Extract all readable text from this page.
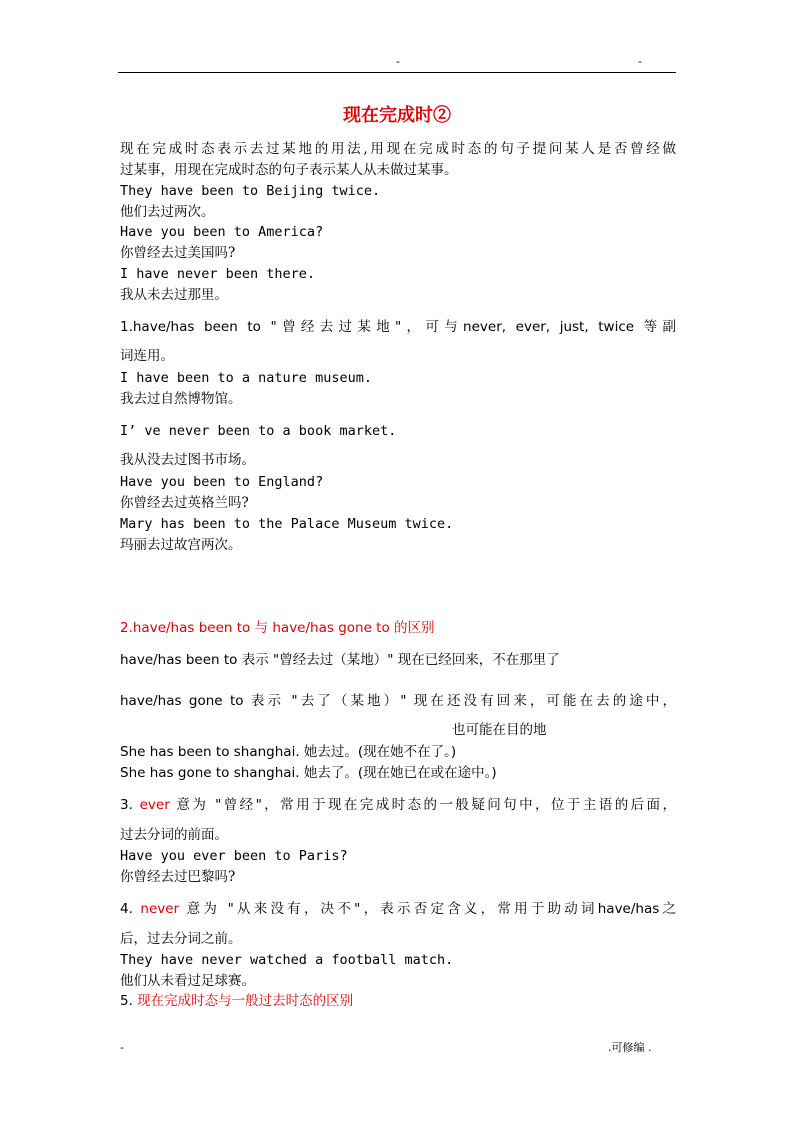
-	-
现在完成时②
现在完成时态表示去过某地的用法,用现在完成时态的句子提问某人是否曾经做
过某事，用现在完成时态的句子表示某人从未做过某事。
They have been to Beijing twice.
他们去过两次。
Have you been to America?
你曾经去过美国吗?
I have never been there.
我从未去过那里。
1.have/has been to "曾经去过某地"，可与never, ever, just, twice 等副
词连用。
I have been to a nature museum.
我去过自然博物馆。
I’ ve never been to a book market.
我从没去过图书市场。
Have you been to England?
你曾经去过英格兰吗?
Mary has been to the Palace Museum twice.
玛丽去过故宫两次。
2.have/has been to 与 have/has gone to 的区别
have/has been to 表示 "曾经去过（某地）" 现在已经回来，不在那里了
have/has gone to 表示 "去了（某地）" 现在还没有回来，可能在去的途中，
也可能在目的地
She has been to shanghai. 她去过。(现在她不在了。)
She has gone to shanghai. 她去了。(现在她已在或在途中。)
3. ever 意为 "曾经"，常用于现在完成时态的一般疑问句中，位于主语的后面，
过去分词的前面。
Have you ever been to Paris?
你曾经去过巴黎吗?
4. never 意为 "从来没有，决不"，表示否定含义，常用于助动词have/has之
后，过去分词之前。
They have never watched a football match.
他们从未看过足球赛。
5. 现在完成时态与一般过去时态的区别
-	.可修编 .
